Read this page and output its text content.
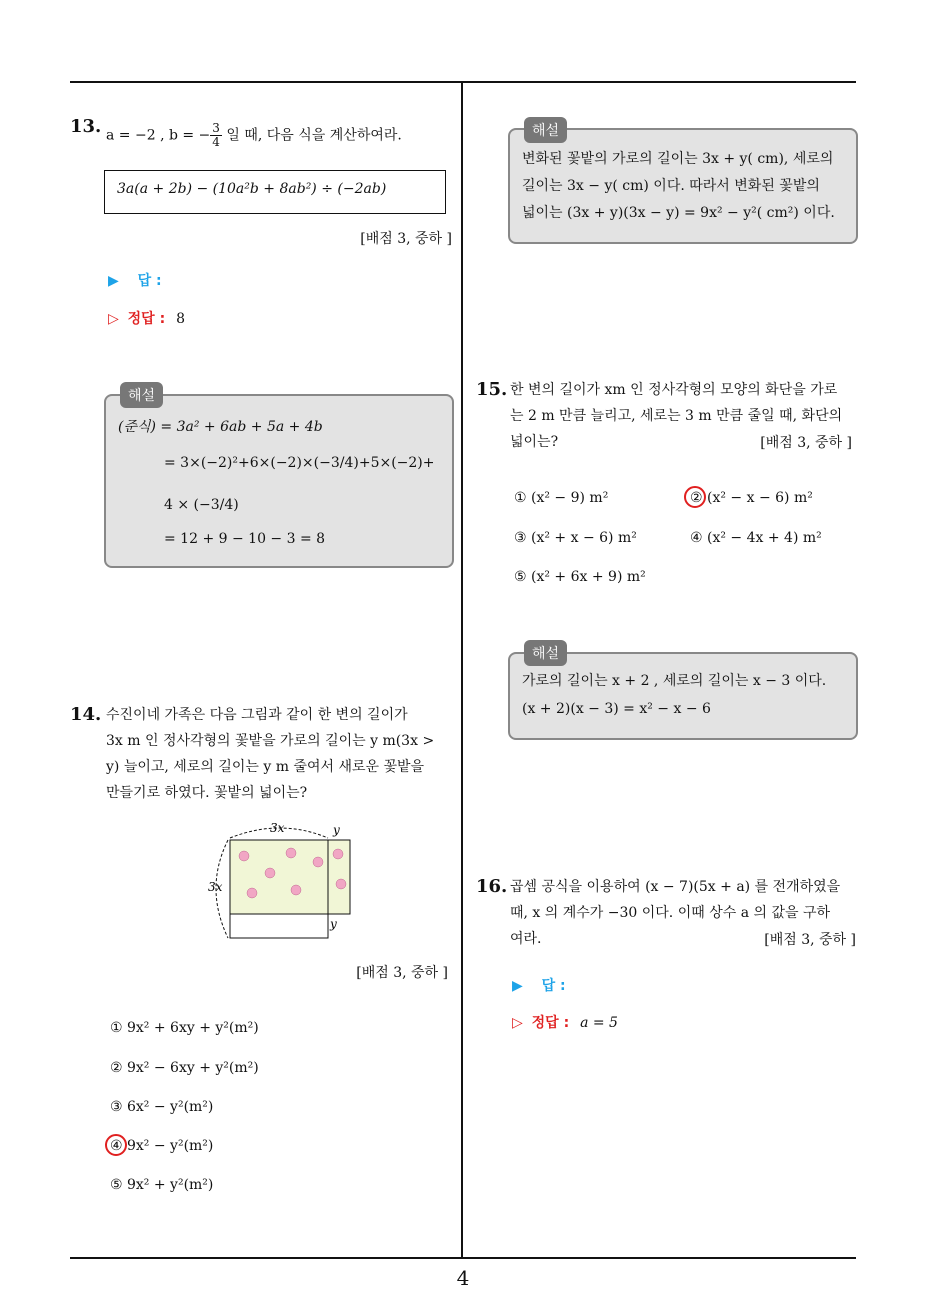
4
13. a = −2 , b = − $\frac{3}{4}$ 일 때, 다음 식을 계산하여라.
3a(a + 2b) − (10a²b + 8ab²) ÷ (−2ab)
[배점 3, 중하 ]
▶ 답 :
▷ 정답 : 8
(준식) = 3a² + 6ab + 5a + 4b
= 3×(−2)²+6×(−2)×(−3/4)+5×(−2)+
4 × (−3/4)
= 12 + 9 − 10 − 3 = 8
해설
14. 수진이네 가족은 다음 그림과 같이 한 변의 길이가
3x m 인 정사각형의 꽃밭을 가로의 길이는 y m(3x >
y) 늘이고, 세로의 길이는 y m 줄여서 새로운 꽃밭을
만들기로 하였다. 꽃밭의 넓이는?
3x	y
3x
y
[배점 3, 중하 ]
① 9x² + 6xy + y²(m²)
② 9x² − 6xy + y²(m²)
③ 6x² − y²(m²)
④ 9x² − y²(m²)
⑤ 9x² + y²(m²)
변화된 꽃밭의 가로의 길이는 3x + y( cm), 세로의
길이는 3x − y( cm) 이다. 따라서 변화된 꽃밭의
넓이는 (3x + y)(3x − y) = 9x² − y²( cm²) 이다.
해설
15. 한 변의 길이가 xm 인 정사각형의 모양의 화단을 가로
는 2 m 만큼 늘리고, 세로는 3 m 만큼 줄일 때, 화단의
넓이는?	[배점 3, 중하 ]
① (x² − 9) m²	② (x² − x − 6) m²
③ (x² + x − 6) m²	④ (x² − 4x + 4) m²
⑤ (x² + 6x + 9) m²
가로의 길이는 x + 2 , 세로의 길이는 x − 3 이다.
(x + 2)(x − 3) = x² − x − 6
해설
16. 곱셈 공식을 이용하여 (x − 7)(5x + a) 를 전개하였을
때, x 의 계수가 −30 이다. 이때 상수 a 의 값을 구하
여라.	[배점 3, 중하 ]
▶ 답 :
▷ 정답 : a = 5
